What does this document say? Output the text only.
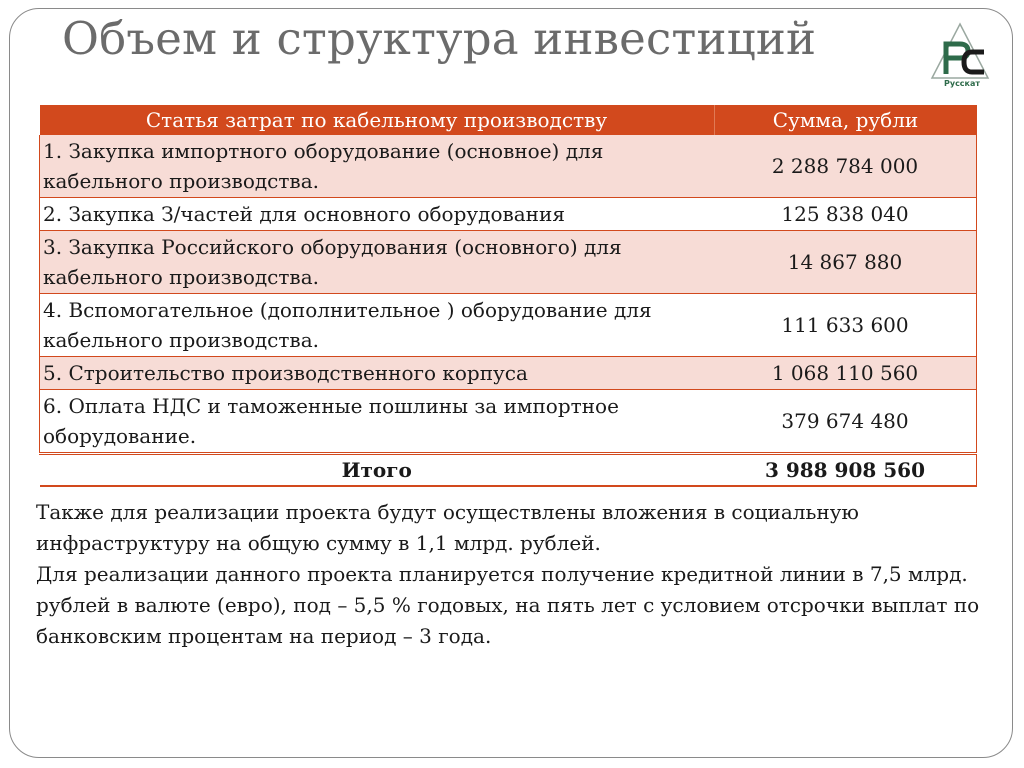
Объем и структура инвестиций
Русскат
Статья затрат по кабельному производству	Сумма, рубли
1. Закупка импортного оборудование (основное) для кабельного производства.	2 288 784 000
2. Закупка З/частей для основного оборудования	125 838 040
3. Закупка Российского оборудования (основного) для кабельного производства.	14 867 880
4. Вспомогательное (дополнительное ) оборудование для кабельного производства.	111 633 600
5. Строительство производственного корпуса	1 068 110 560
6. Оплата НДС и таможенные пошлины за импортное оборудование.	379 674 480
Итого	3 988 908 560

Также для реализации проекта будут осуществлены вложения в социальную инфраструктуру на общую сумму в 1,1 млрд. рублей.

Для реализации данного проекта планируется получение кредитной линии в 7,5 млрд. рублей в валюте (евро), под – 5,5 % годовых, на пять лет с условием отсрочки выплат по банковским процентам на период – 3 года.
